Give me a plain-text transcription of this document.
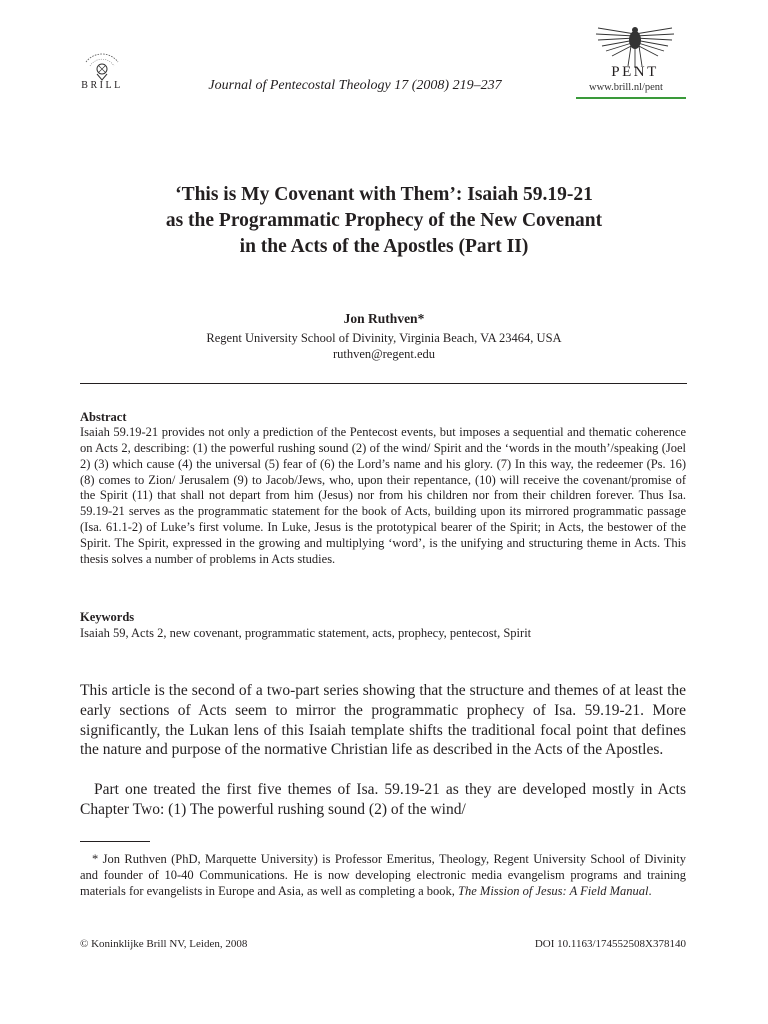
BRILL	Journal of Pentecostal Theology 17 (2008) 219–237
PENT
www.brill.nl/pent
‘This is My Covenant with Them’: Isaiah 59.19-21
as the Programmatic Prophecy of the New Covenant
in the Acts of the Apostles (Part II)
Jon Ruthven*
Regent University School of Divinity, Virginia Beach, VA 23464, USA
ruthven@regent.edu
Abstract
Isaiah 59.19-21 provides not only a prediction of the Pentecost events, but imposes a sequential and thematic coherence on Acts 2, describing: (1) the powerful rushing sound (2) of the wind/ Spirit and the ‘words in the mouth’/speaking (Joel 2) (3) which cause (4) the universal (5) fear of (6) the Lord’s name and his glory. (7) In this way, the redeemer (Ps. 16) (8) comes to Zion/ Jerusalem (9) to Jacob/Jews, who, upon their repentance, (10) will receive the covenant/promise of the Spirit (11) that shall not depart from him (Jesus) nor from his children nor from their children forever. Thus Isa. 59.19-21 serves as the programmatic statement for the book of Acts, building upon its mirrored programmatic passage (Isa. 61.1-2) of Luke’s first volume. In Luke, Jesus is the prototypical bearer of the Spirit; in Acts, the bestower of the Spirit. The Spirit, expressed in the growing and multiplying ‘word’, is the unifying and structuring theme in Acts. This thesis solves a number of problems in Acts studies.
Keywords
Isaiah 59, Acts 2, new covenant, programmatic statement, acts, prophecy, pentecost, Spirit

This article is the second of a two-part series showing that the structure and themes of at least the early sections of Acts seem to mirror the programmatic prophecy of Isa. 59.19-21. More significantly, the Lukan lens of this Isaiah template shifts the traditional focal point that defines the nature and purpose of the normative Christian life as described in the Acts of the Apostles.

Part one treated the first five themes of Isa. 59.19-21 as they are developed mostly in Acts Chapter Two: (1) The powerful rushing sound (2) of the wind/

* Jon Ruthven (PhD, Marquette University) is Professor Emeritus, Theology, Regent University School of Divinity and founder of 10-40 Communications. He is now developing electronic media evangelism programs and training materials for evangelists in Europe and Asia, as well as completing a book, The Mission of Jesus: A Field Manual.
© Koninklijke Brill NV, Leiden, 2008	DOI 10.1163/174552508X378140
